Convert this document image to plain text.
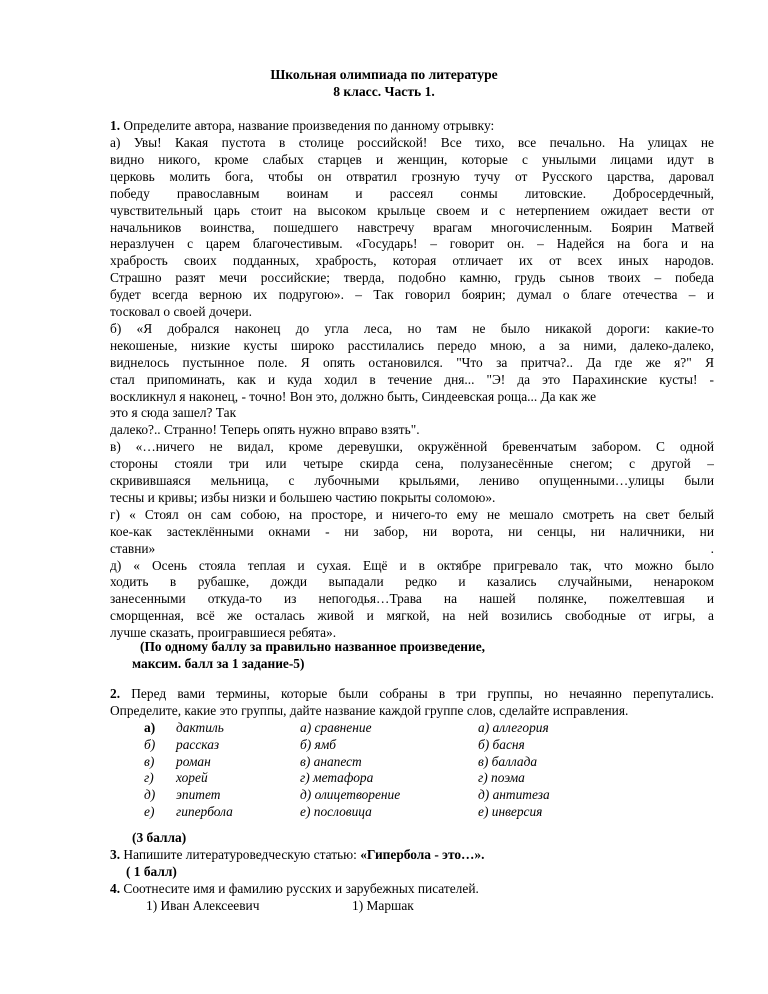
Школьная олимпиада по литературе
8 класс. Часть 1.
1. Определите автора, название произведения по данному отрывку:
а) Увы! Какая пустота в столице российской! Все тихо, все печально. На улицах не
видно никого, кроме слабых старцев и женщин, которые с унылыми лицами идут в
церковь молить бога, чтобы он отвратил грозную тучу от Русского царства, даровал
победу православным воинам и рассеял сонмы литовские. Добросердечный,
чувствительный царь стоит на высоком крыльце своем и с нетерпением ожидает вести от
начальников воинства, пошедшего навстречу врагам многочисленным. Боярин Матвей
неразлучен с царем благочестивым. «Государь! – говорит он. – Надейся на бога и на
храбрость своих подданных, храбрость, которая отличает их от всех иных народов.
Страшно разят мечи российские; тверда, подобно камню, грудь сынов твоих – победа
будет всегда верною их подругою». – Так говорил боярин; думал о благе отечества – и
тосковал о своей дочери.
б) «Я добрался наконец до угла леса, но там не было никакой дороги: какие-то
некошеные, низкие кусты широко расстилались передо мною, а за ними, далеко-далеко,
виднелось пустынное поле. Я опять остановился. "Что за притча?.. Да где же я?" Я
стал припоминать, как и куда ходил в течение дня... "Э! да это Парахинские кусты! -
воскликнул я наконец, - точно! Вон это, должно быть, Синдеевская роща... Да как же
это я сюда зашел? Так
далеко?.. Странно! Теперь опять нужно вправо взять".
в) «…ничего не видал, кроме деревушки, окружённой бревенчатым забором. С одной
стороны стояли три или четыре скирда сена, полузанесённые снегом; с другой –
скривившаяся мельница, с лубочными крыльями, лениво опущенными…улицы были
тесны и кривы; избы низки и большею частию покрыты соломою».
г) « Стоял он сам собою, на просторе, и ничего-то ему не мешало смотреть на свет белый
кое-как застеклёнными окнами - ни забор, ни ворота, ни сенцы, ни наличники, ни
ставни» .
д) « Осень стояла теплая и сухая. Ещё и в октябре пригревало так, что можно было
ходить в рубашке, дожди выпадали редко и казались случайными, ненароком
занесенными откуда-то из непогодья…Трава на нашей полянке, пожелтевшая и
сморщенная, всё же осталась живой и мягкой, на ней возились свободные от игры, а
лучше сказать, проигравшиеся ребята».
(По одному баллу за правильно названное произведение,
максим. балл за 1 задание-5)
2. Перед вами термины, которые были собраны в три группы, но нечаянно перепутались.
Определите, какие это группы, дайте название каждой группе слов, сделайте исправления.
а) дактиль	а) сравнение	а) аллегория
б) рассказ	б) ямб	б) басня
в) роман	в) анапест	в) баллада
г) хорей	г) метафора	г) поэма
д) эпитет	д) олицетворение	д) антитеза
е) гипербола	е) пословица	е) инверсия
(3 балла)
3. Напишите литературоведческую статью: «Гипербола - это…».
( 1 балл)
4. Соотнесите имя и фамилию русских и зарубежных писателей.
1) Иван Алексеевич	1) Маршак
